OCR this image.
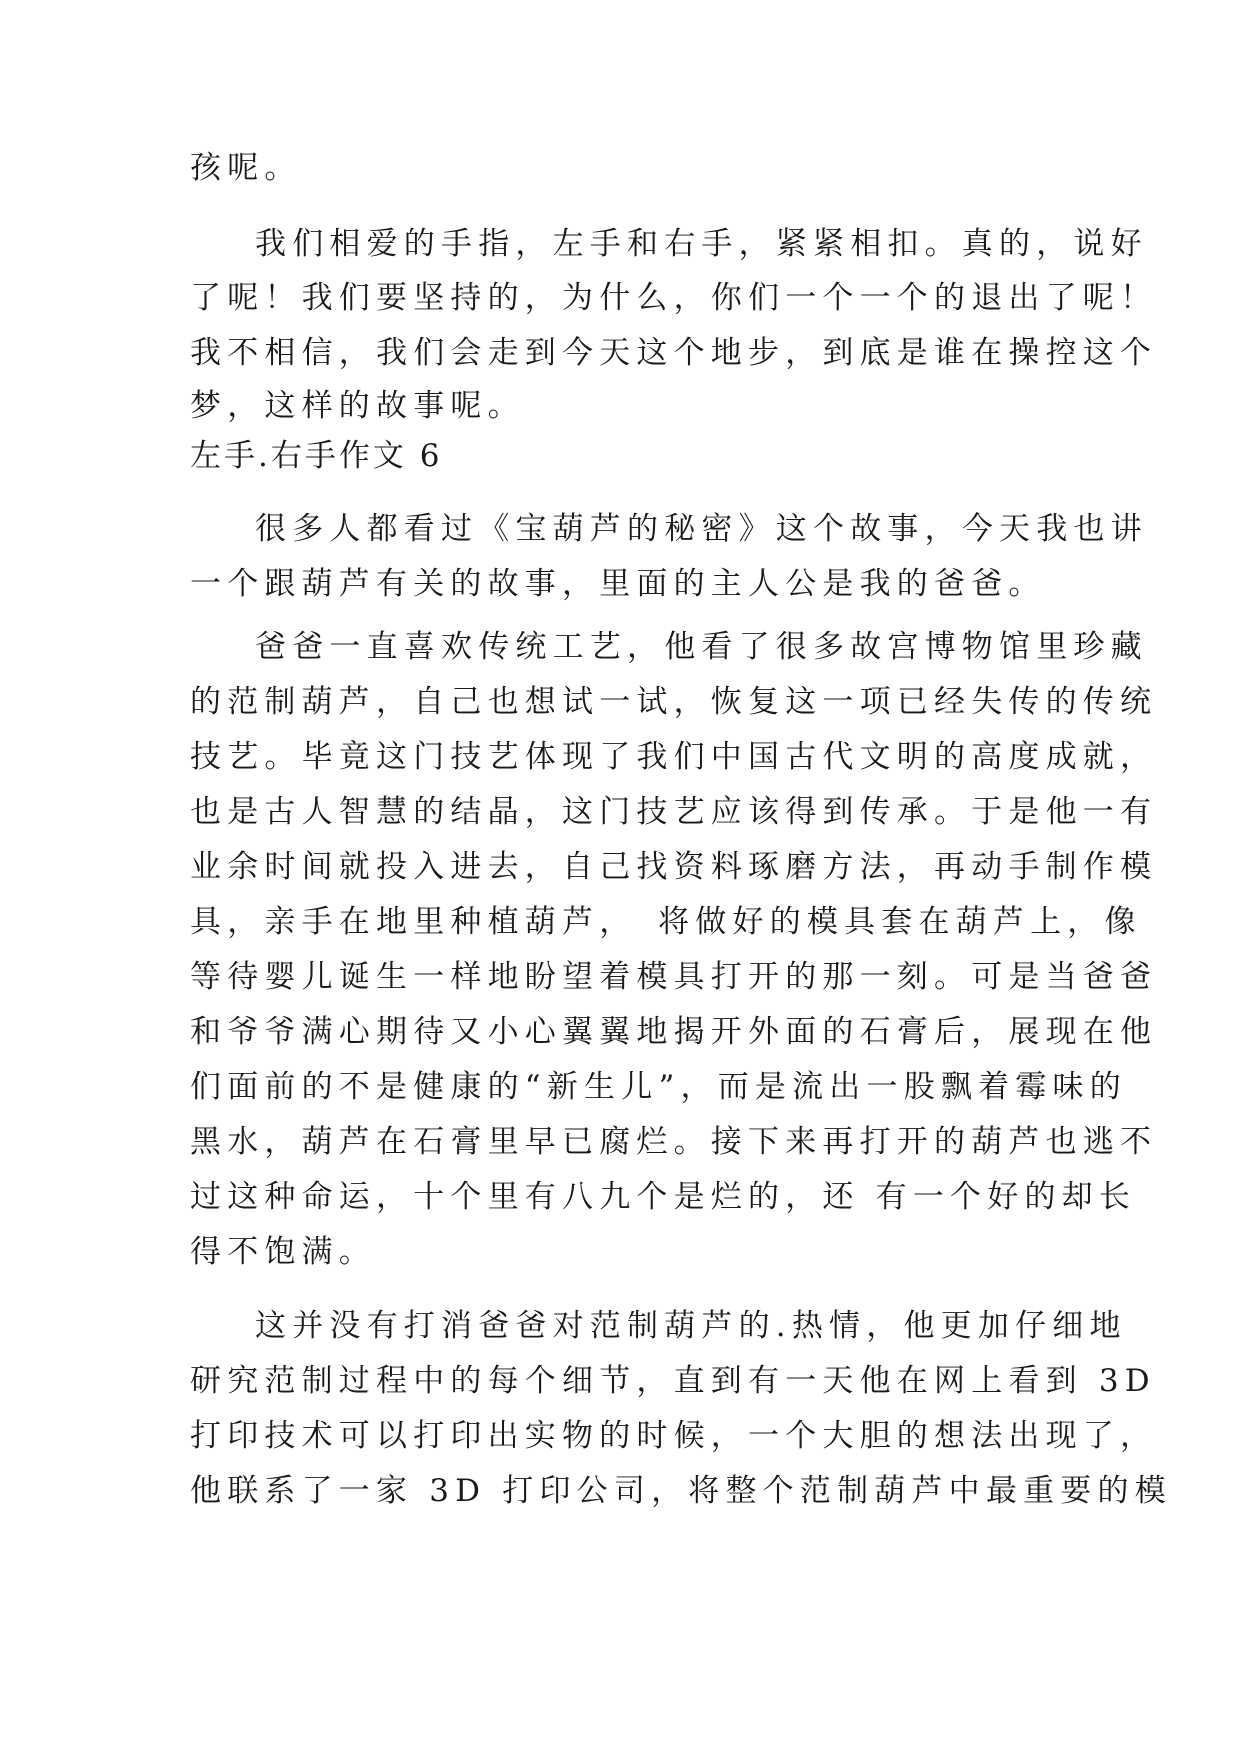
孩呢。

我们相爱的手指，左手和右手，紧紧相扣。真的，说好

了呢！我们要坚持的，为什么，你们一个一个的退出了呢！

我不相信，我们会走到今天这个地步，到底是谁在操控这个

梦，这样的故事呢。

左手.右手作文 6

很多人都看过《宝葫芦的秘密》这个故事，今天我也讲

一个跟葫芦有关的故事，里面的主人公是我的爸爸。

爸爸一直喜欢传统工艺，他看了很多故宫博物馆里珍藏

的范制葫芦，自己也想试一试，恢复这一项已经失传的传统

技艺。毕竟这门技艺体现了我们中国古代文明的高度成就，

也是古人智慧的结晶，这门技艺应该得到传承。于是他一有

业余时间就投入进去，自己找资料琢磨方法，再动手制作模

具，亲手在地里种植葫芦，　将做好的模具套在葫芦上，像

等待婴儿诞生一样地盼望着模具打开的那一刻。可是当爸爸

和爷爷满心期待又小心翼翼地揭开外面的石膏后，展现在他

们面前的不是健康的“新生儿”，而是流出一股飘着霉味的

黑水，葫芦在石膏里早已腐烂。接下来再打开的葫芦也逃不

过这种命运，十个里有八九个是烂的，还 有一个好的却长

得不饱满。

这并没有打消爸爸对范制葫芦的.热情，他更加仔细地

研究范制过程中的每个细节，直到有一天他在网上看到 3D

打印技术可以打印出实物的时候，一个大胆的想法出现了，

他联系了一家 3D 打印公司，将整个范制葫芦中最重要的模
